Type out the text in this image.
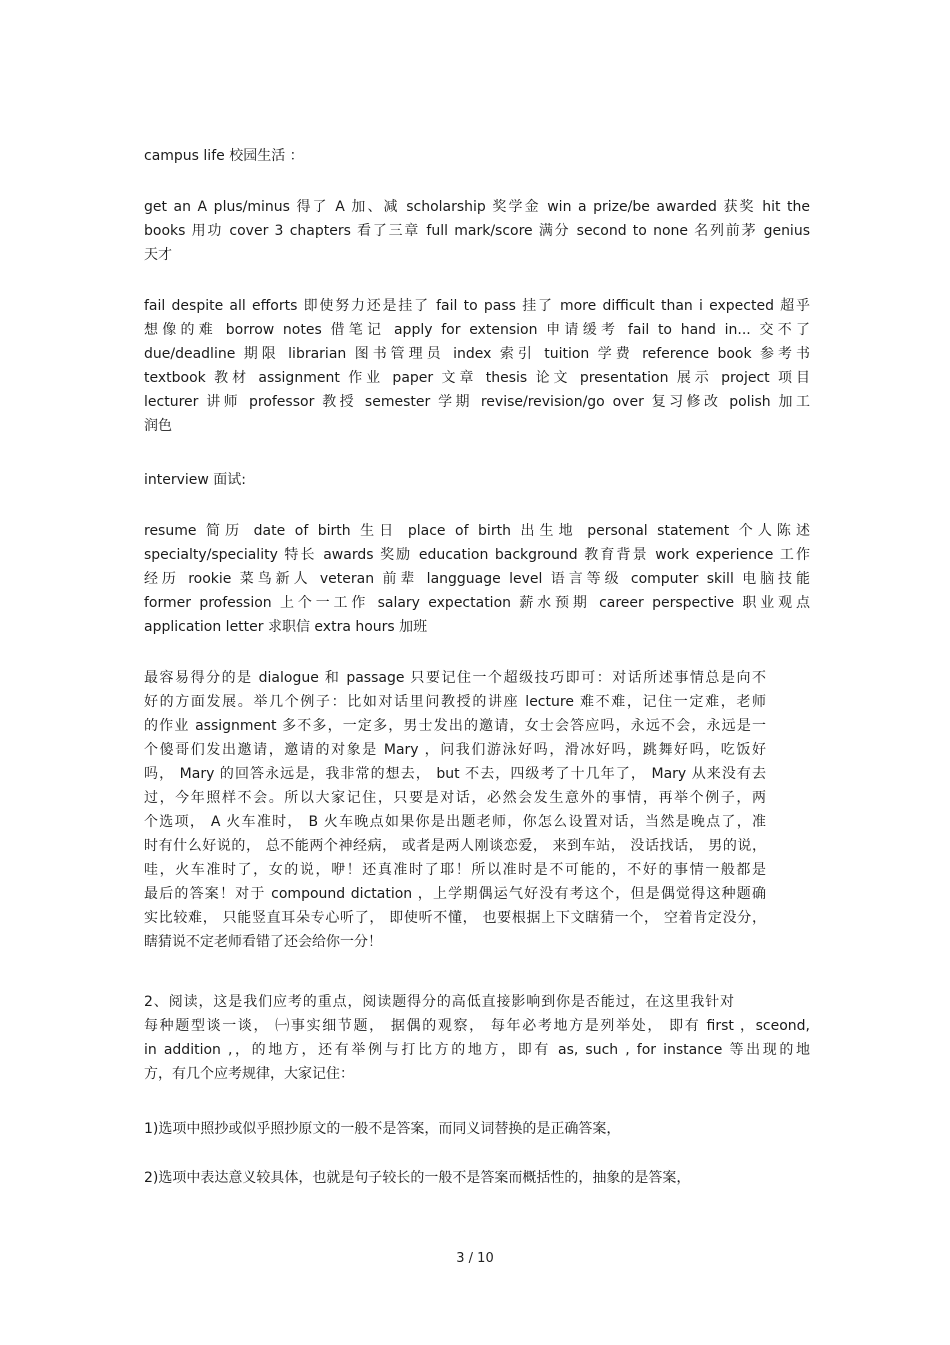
campus life 校园生活 ：
get an A plus/minus 得了 A 加、减 scholarship 奖学金 win a prize/be awarded 获奖 hit the
books 用功 cover 3 chapters 看了三章 full mark/score 满分 second to none 名列前茅 genius
天才
fail despite all efforts 即使努力还是挂了 fail to pass 挂了 more difficult than i expected 超乎
想像的难 borrow notes 借笔记 apply for extension 申请缓考 fail to hand in... 交不了
due/deadline 期限 librarian 图书管理员 index 索引 tuition 学费 reference book 参考书
textbook 教材 assignment 作业 paper 文章 thesis 论文 presentation 展示 project 项目
lecturer 讲师 professor 教授 semester 学期 revise/revision/go over 复习修改 polish 加工
润色
interview 面试:
resume 简历 date of birth 生日 place of birth 出生地 personal statement 个人陈述
specialty/speciality 特长 awards 奖励 education background 教育背景 work experience 工作
经历 rookie 菜鸟新人 veteran 前辈 langguage level 语言等级 computer skill 电脑技能
former profession 上个一工作 salary expectation 薪水预期 career perspective 职业观点
application letter 求职信 extra hours 加班
最容易得分的是 dialogue 和 passage 只要记住一个超级技巧即可：对话所述事情总是向不
好的方面发展。举几个例子：比如对话里问教授的讲座 lecture 难不难，记住一定难，老师
的作业 assignment 多不多，一定多，男士发出的邀请，女士会答应吗，永远不会，永远是一
个傻哥们发出邀请，邀请的对象是 Mary ，问我们游泳好吗，滑冰好吗，跳舞好吗，吃饭好
吗， Mary 的回答永远是，我非常的想去， but 不去，四级考了十几年了， Mary 从来没有去
过，今年照样不会。所以大家记住，只要是对话，必然会发生意外的事情，再举个例子，两
个选项， A 火车准时， B 火车晚点如果你是出题老师，你怎么设置对话，当然是晚点了，准
时有什么好说的， 总不能两个神经病， 或者是两人刚谈恋爱， 来到车站， 没话找话， 男的说，
哇，火车准时了，女的说，咿！还真准时了耶！所以准时是不可能的，不好的事情一般都是
最后的答案！对于 compound dictation ，上学期偶运气好没有考这个，但是偶觉得这种题确
实比较难， 只能竖直耳朵专心听了， 即使听不懂， 也要根据上下文瞎猜一个， 空着肯定没分，
瞎猜说不定老师看错了还会给你一分！
2、阅读，这是我们应考的重点，阅读题得分的高低直接影响到你是否能过，在这里我针对
每种题型谈一谈， ㈠事实细节题， 据偶的观察， 每年必考地方是列举处， 即有 first ，sceond,
in addition ,，的地方，还有举例与打比方的地方，即有 as, such , for instance 等出现的地
方，有几个应考规律，大家记住：
1)选项中照抄或似乎照抄原文的一般不是答案，而同义词替换的是正确答案，
2)选项中表达意义较具体，也就是句子较长的一般不是答案而概括性的，抽象的是答案，
3 / 10
